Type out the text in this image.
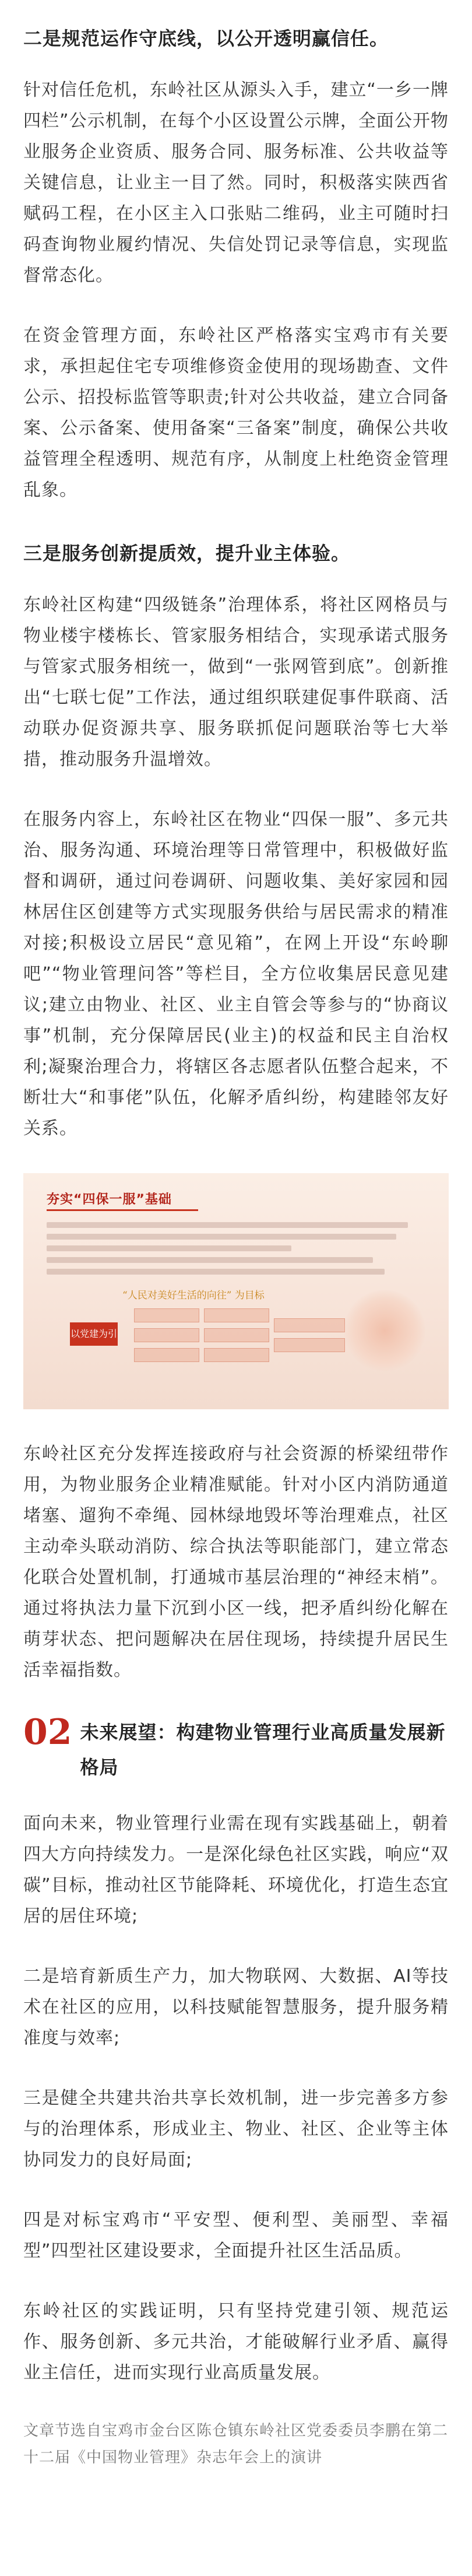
二是规范运作守底线，以公开透明赢信任。

针对信任危机，东岭社区从源头入手，建立“一乡一牌四栏”公示机制，在每个小区设置公示牌，全面公开物业服务企业资质、服务合同、服务标准、公共收益等关键信息，让业主一目了然。同时，积极落实陕西省赋码工程，在小区主入口张贴二维码，业主可随时扫码查询物业履约情况、失信处罚记录等信息，实现监督常态化。

在资金管理方面，东岭社区严格落实宝鸡市有关要求，承担起住宅专项维修资金使用的现场勘查、文件公示、招投标监管等职责;针对公共收益，建立合同备案、公示备案、使用备案“三备案”制度，确保公共收益管理全程透明、规范有序，从制度上杜绝资金管理乱象。

三是服务创新提质效，提升业主体验。

东岭社区构建“四级链条”治理体系，将社区网格员与物业楼宇楼栋长、管家服务相结合，实现承诺式服务与管家式服务相统一，做到“一张网管到底”。创新推出“七联七促”工作法，通过组织联建促事件联商、活动联办促资源共享、服务联抓促问题联治等七大举措，推动服务升温增效。

在服务内容上，东岭社区在物业“四保一服”、多元共治、服务沟通、环境治理等日常管理中，积极做好监督和调研，通过问卷调研、问题收集、美好家园和园林居住区创建等方式实现服务供给与居民需求的精准对接;积极设立居民“意见箱”，在网上开设“东岭聊吧”“物业管理问答”等栏目，全方位收集居民意见建议;建立由物业、社区、业主自管会等参与的“协商议事”机制，充分保障居民(业主)的权益和民主自治权利;凝聚治理合力，将辖区各志愿者队伍整合起来，不断壮大“和事佬”队伍，化解矛盾纠纷，构建睦邻友好关系。

夯实“四保一服”基础
“人民对美好生活的向往” 为目标
以党建为引

东岭社区充分发挥连接政府与社会资源的桥梁纽带作用，为物业服务企业精准赋能。针对小区内消防通道堵塞、遛狗不牵绳、园林绿地毁坏等治理难点，社区主动牵头联动消防、综合执法等职能部门，建立常态化联合处置机制，打通城市基层治理的“神经末梢”。通过将执法力量下沉到小区一线，把矛盾纠纷化解在萌芽状态、把问题解决在居住现场，持续提升居民生活幸福指数。

02 未来展望：构建物业管理行业高质量发展新格局

面向未来，物业管理行业需在现有实践基础上，朝着四大方向持续发力。一是深化绿色社区实践，响应“双碳”目标，推动社区节能降耗、环境优化，打造生态宜居的居住环境;

二是培育新质生产力，加大物联网、大数据、AI等技术在社区的应用，以科技赋能智慧服务，提升服务精准度与效率;

三是健全共建共治共享长效机制，进一步完善多方参与的治理体系，形成业主、物业、社区、企业等主体协同发力的良好局面;

四是对标宝鸡市“平安型、便利型、美丽型、幸福型”四型社区建设要求，全面提升社区生活品质。

东岭社区的实践证明，只有坚持党建引领、规范运作、服务创新、多元共治，才能破解行业矛盾、赢得业主信任，进而实现行业高质量发展。

文章节选自宝鸡市金台区陈仓镇东岭社区党委委员李鹏在第二十二届《中国物业管理》杂志年会上的演讲
